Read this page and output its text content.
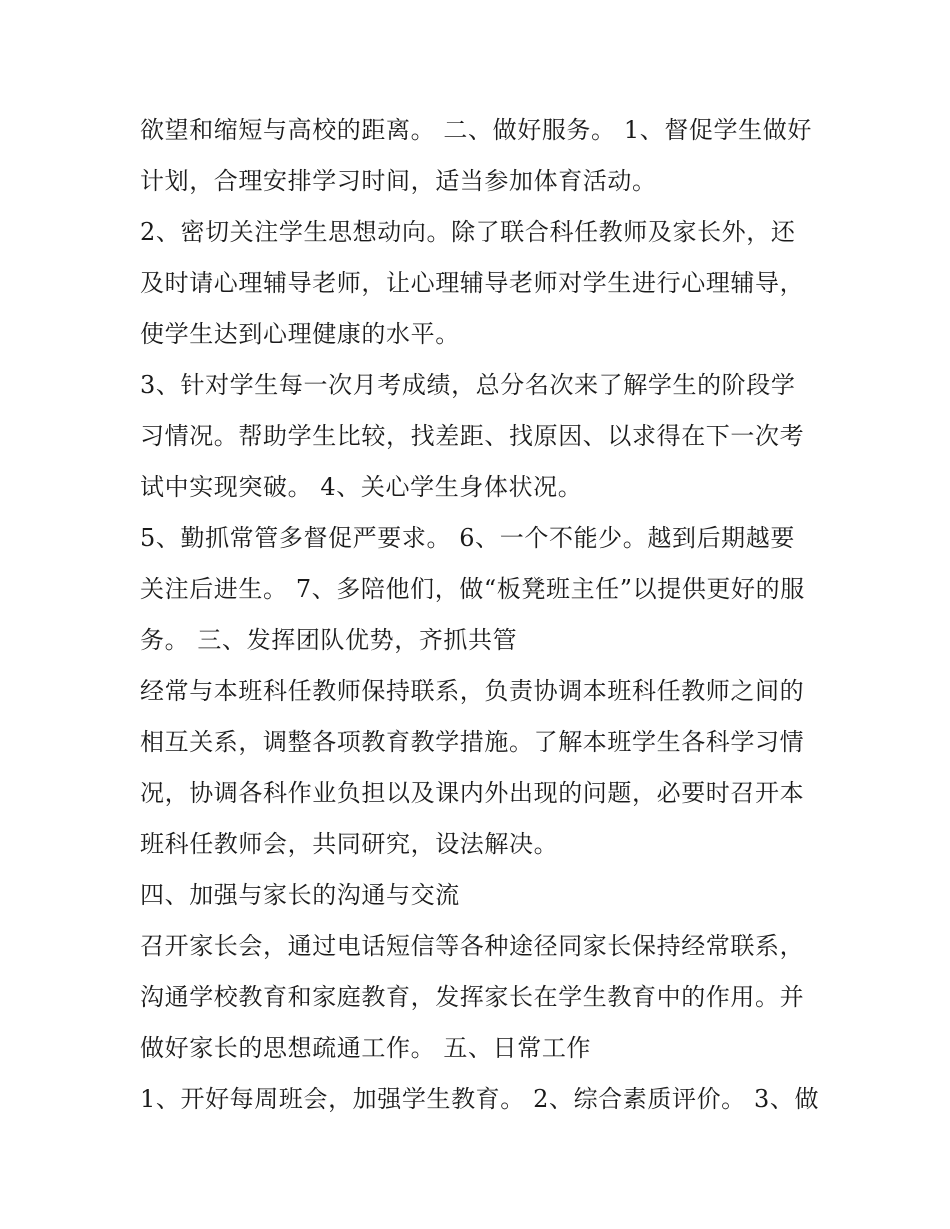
欲望和缩短与高校的距离。 二、做好服务。 1、督促学生做好
计划，合理安排学习时间，适当参加体育活动。
2、密切关注学生思想动向。除了联合科任教师及家长外，还
及时请心理辅导老师，让心理辅导老师对学生进行心理辅导，
使学生达到心理健康的水平。
3、针对学生每一次月考成绩，总分名次来了解学生的阶段学
习情况。帮助学生比较，找差距、找原因、以求得在下一次考
试中实现突破。 4、关心学生身体状况。
5、勤抓常管多督促严要求。 6、一个不能少。越到后期越要
关注后进生。 7、多陪他们，做“板凳班主任”以提供更好的服
务。 三、发挥团队优势，齐抓共管
经常与本班科任教师保持联系，负责协调本班科任教师之间的
相互关系，调整各项教育教学措施。了解本班学生各科学习情
况，协调各科作业负担以及课内外出现的问题，必要时召开本
班科任教师会，共同研究，设法解决。
四、加强与家长的沟通与交流
召开家长会，通过电话短信等各种途径同家长保持经常联系，
沟通学校教育和家庭教育，发挥家长在学生教育中的作用。并
做好家长的思想疏通工作。 五、日常工作
1、开好每周班会，加强学生教育。 2、综合素质评价。 3、做
